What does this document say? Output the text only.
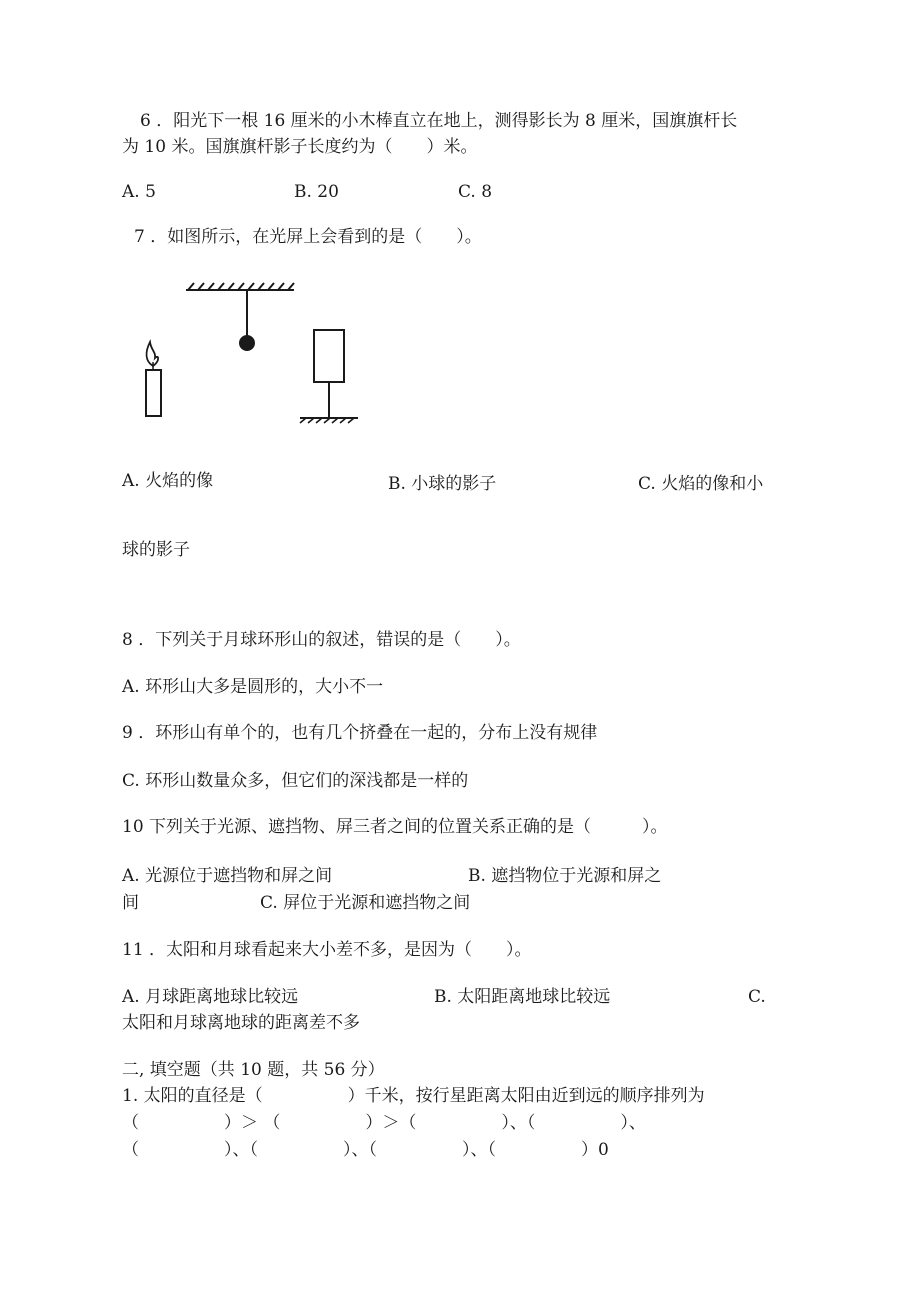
6 ．阳光下一根 16 厘米的小木棒直立在地上，测得影长为 8 厘米，国旗旗杆长
为 10 米。国旗旗杆影子长度约为（　　）米。
A. 5	B. 20	C. 8
7 ．如图所示，在光屏上会看到的是（　　）。
A. 火焰的像	B. 小球的影子	C. 火焰的像和小
球的影子
8 ．下列关于月球环形山的叙述，错误的是（　　）。
A. 环形山大多是圆形的，大小不一
9 ．环形山有单个的，也有几个挤叠在一起的，分布上没有规律
C. 环形山数量众多，但它们的深浅都是一样的
10 下列关于光源、遮挡物、屏三者之间的位置关系正确的是（　　　）。
A. 光源位于遮挡物和屏之间	B. 遮挡物位于光源和屏之
间	C. 屏位于光源和遮挡物之间
11 ．太阳和月球看起来大小差不多，是因为（　　）。
A. 月球距离地球比较远	B. 太阳距离地球比较远	C.
太阳和月球离地球的距离差不多
二, 填空题（共 10 题，共 56 分）
1. 太阳的直径是（　　　　　）千米，按行星距离太阳由近到远的顺序排列为
（　　　　　）＞ （　　　　　）＞（　　　　　）、（　　　　　）、
（　　　　　）、（　　　　　）、（　　　　　）、（　　　　　）0
